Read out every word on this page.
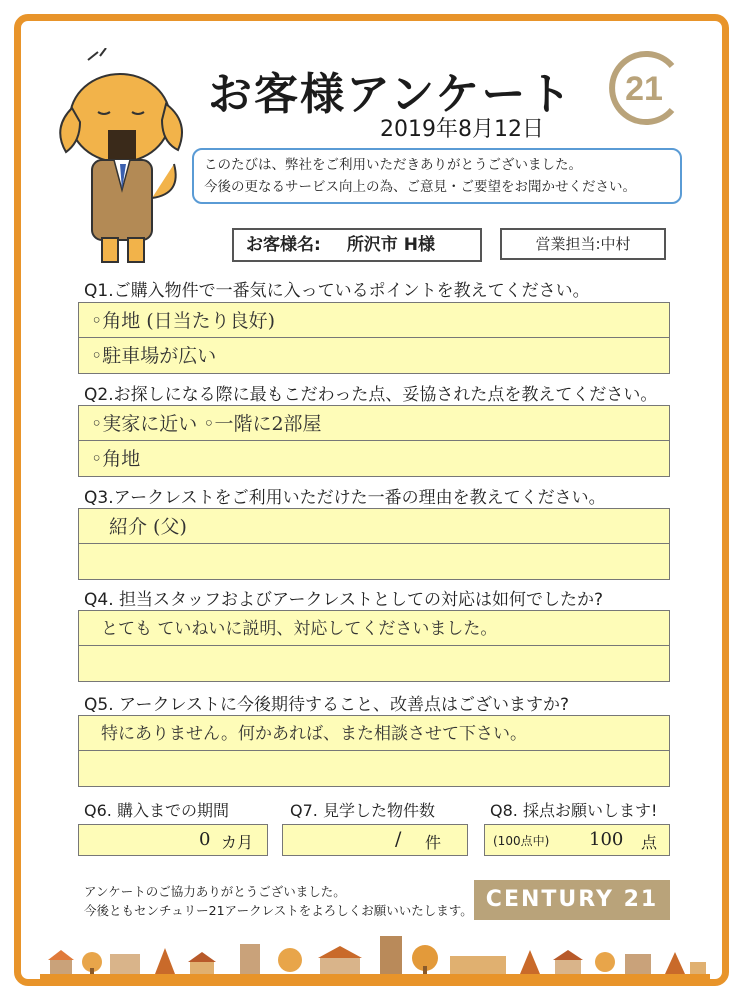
お客様アンケート
2019年8月12日
21
このたびは、弊社をご利用いただきありがとうございました。
今後の更なるサービス向上の為、ご意見・ご要望をお聞かせください。
お客様名: 所沢市 H様	営業担当:中村
Q1.ご購入物件で一番気に入っているポイントを教えてください。
◦角地 (日当たり良好)
◦駐車場が広い
Q2.お探しになる際に最もこだわった点、妥協された点を教えてください。
◦実家に近い ◦一階に2部屋
◦角地
Q3.アークレストをご利用いただけた一番の理由を教えてください。
紹介 (父)
Q4. 担当スタッフおよびアークレストとしての対応は如何でしたか?
とても ていねいに説明、対応してくださいました。
Q5. アークレストに今後期待すること、改善点はございますか?
特にありません。何かあれば、また相談させて下さい。
Q6. 購入までの期間
0 カ月
Q7. 見学した物件数
/ 件
Q8. 採点お願いします!
(100点中) 100 点
アンケートのご協力ありがとうございました。
今後ともセンチュリー21アークレストをよろしくお願いいたします。 CENTURY 21
